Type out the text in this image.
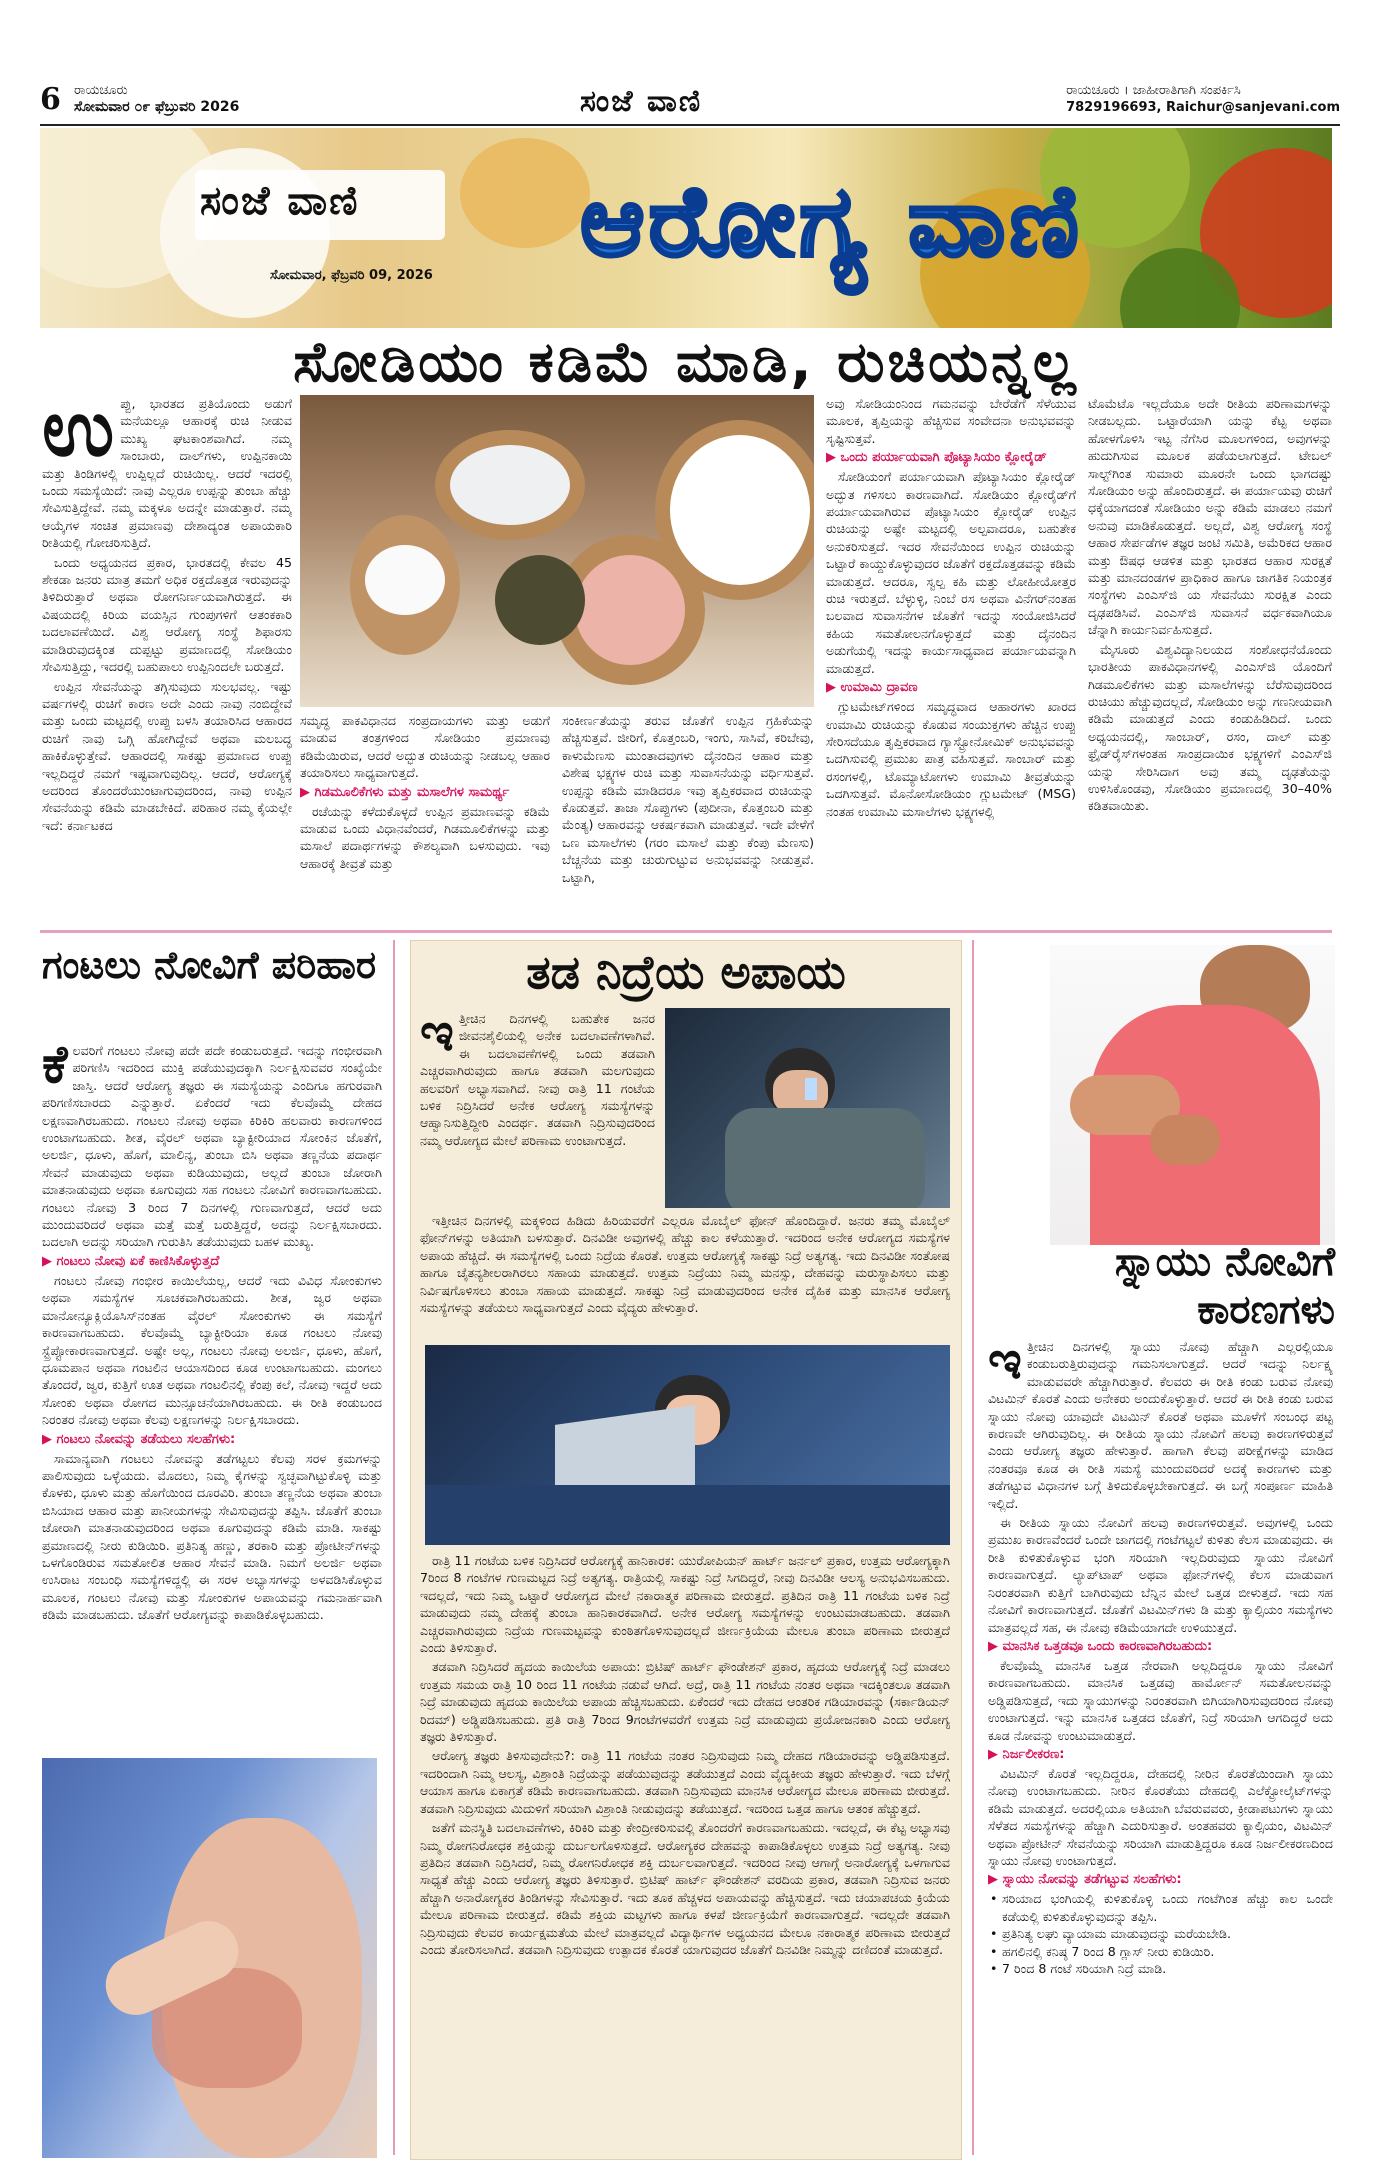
6 ರಾಯಚೂರು
ಸೋಮವಾರ ೦೯ ಫೆಬ್ರುವರಿ 2026	ಸಂಜೆ ವಾಣಿ	ರಾಯಚೂರು । ಜಾಹೀರಾತಿಗಾಗಿ ಸಂಪರ್ಕಿಸಿ
7829196693, Raichur@sanjevani.com
ಸಂಜೆ ವಾಣಿ
ಸೋಮವಾರ, ಫೆಬ್ರವರಿ 09, 2026 ಆರೋಗ್ಯ ವಾಣಿ
ಸೋಡಿಯಂ ಕಡಿಮೆ ಮಾಡಿ, ರುಚಿಯನ್ನಲ್ಲ
ಉ ಪ್ಪು, ಭಾರತದ ಪ್ರತಿಯೊಂದು ಅಡುಗೆ ಮನೆಯಲ್ಲೂ ಆಹಾರಕ್ಕೆ ರುಚಿ ನೀಡುವ ಮುಖ್ಯ ಘಟಕಾಂಶವಾಗಿದೆ. ನಮ್ಮ ಸಾಂಬಾರು, ದಾಲ್‌ಗಳು, ಉಪ್ಪಿನಕಾಯಿ ಮತ್ತು ತಿಂಡಿಗಳಲ್ಲಿ ಉಪ್ಪಿಲ್ಲದೆ ರುಚಿಯಿಲ್ಲ. ಆದರೆ ಇದರಲ್ಲಿ ಒಂದು ಸಮಸ್ಯೆಯಿದೆ: ನಾವು ಎಲ್ಲರೂ ಉಪ್ಪನ್ನು ತುಂಬಾ ಹೆಚ್ಚು ಸೇವಿಸುತ್ತಿದ್ದೇವೆ. ನಮ್ಮ ಮಕ್ಕಳೂ ಅದನ್ನೇ ಮಾಡುತ್ತಾರೆ. ನಮ್ಮ ಆಯ್ಕೆಗಳ ಸಂಚಿತ ಪ್ರಮಾಣವು ದೇಶಾದ್ಯಂತ ಅಪಾಯಕಾರಿ ರೀತಿಯಲ್ಲಿ ಗೋಚರಿಸುತ್ತಿದೆ.

ಒಂದು ಅಧ್ಯಯನದ ಪ್ರಕಾರ, ಭಾರತದಲ್ಲಿ ಕೇವಲ 45 ಶೇಕಡಾ ಜನರು ಮಾತ್ರ ತಮಗೆ ಅಧಿಕ ರಕ್ತದೊತ್ತಡ ಇರುವುದನ್ನು ತಿಳಿದಿರುತ್ತಾರೆ ಅಥವಾ ರೋಗನಿರ್ಣಯವಾಗಿರುತ್ತದೆ. ಈ ವಿಷಯದಲ್ಲಿ ಕಿರಿಯ ವಯಸ್ಸಿನ ಗುಂಪುಗಳಿಗೆ ಆತಂಕಕಾರಿ ಬದಲಾವಣೆಯಿದೆ. ವಿಶ್ವ ಆರೋಗ್ಯ ಸಂಸ್ಥೆ ಶಿಫಾರಸು ಮಾಡಿರುವುದಕ್ಕಿಂತ ದುಪ್ಪಟ್ಟು ಪ್ರಮಾಣದಲ್ಲಿ ಸೋಡಿಯಂ ಸೇವಿಸುತ್ತಿದ್ದು, ಇದರಲ್ಲಿ ಬಹುಪಾಲು ಉಪ್ಪಿನಿಂದಲೇ ಬರುತ್ತದೆ.

ಉಪ್ಪಿನ ಸೇವನೆಯನ್ನು ತಗ್ಗಿಸುವುದು ಸುಲಭವಲ್ಲ. ಇಷ್ಟು ವರ್ಷಗಳಲ್ಲಿ ರುಚಿಗೆ ಕಾರಣ ಅದೇ ಎಂದು ನಾವು ನಂಬಿದ್ದೇವೆ ಮತ್ತು ಒಂದು ಮಟ್ಟದಲ್ಲಿ ಉಪ್ಪು ಬಳಸಿ ತಯಾರಿಸಿದ ಆಹಾರದ ರುಚಿಗೆ ನಾವು ಒಗ್ಗಿ ಹೋಗಿದ್ದೇವೆ ಅಥವಾ ಮಲಬದ್ಧ ಹಾಕಿಕೊಳ್ಳುತ್ತೇವೆ. ಆಹಾರದಲ್ಲಿ ಸಾಕಷ್ಟು ಪ್ರಮಾಣದ ಉಪ್ಪು ಇಲ್ಲದಿದ್ದರೆ ನಮಗೆ ಇಷ್ಟವಾಗುವುದಿಲ್ಲ. ಆದರೆ, ಆರೋಗ್ಯಕ್ಕೆ ಅದರಿಂದ ತೊಂದರೆಯುಂಟಾಗುವುದರಿಂದ, ನಾವು ಉಪ್ಪಿನ ಸೇವನೆಯನ್ನು ಕಡಿಮೆ ಮಾಡಬೇಕಿದೆ. ಪರಿಹಾರ ನಮ್ಮ ಕೈಯಲ್ಲೇ ಇದೆ: ಕರ್ನಾಟಕದ

ಸಮೃದ್ಧ ಪಾಕವಿಧಾನದ ಸಂಪ್ರದಾಯಗಳು ಮತ್ತು ಅಡುಗೆ ಮಾಡುವ ತಂತ್ರಗಳಿಂದ ಸೋಡಿಯಂ ಪ್ರಮಾಣವು ಕಡಿಮೆಯಿರುವ, ಆದರೆ ಅದ್ಭುತ ರುಚಿಯನ್ನು ನೀಡಬಲ್ಲ ಆಹಾರ ತಯಾರಿಸಲು ಸಾಧ್ಯವಾಗುತ್ತದೆ.

▶ ಗಿಡಮೂಲಿಕೆಗಳು ಮತ್ತು ಮಸಾಲೆಗಳ ಸಾಮರ್ಥ್ಯ

ರಚೆಯನ್ನು ಕಳೆದುಕೊಳ್ಳದೆ ಉಪ್ಪಿನ ಪ್ರಮಾಣವನ್ನು ಕಡಿಮೆ ಮಾಡುವ ಒಂದು ವಿಧಾನವೆಂದರೆ, ಗಿಡಮೂಲಿಕೆಗಳನ್ನು ಮತ್ತು ಮಸಾಲೆ ಪದಾರ್ಥಗಳನ್ನು ಕೌಶಲ್ಯವಾಗಿ ಬಳಸುವುದು. ಇವು ಆಹಾರಕ್ಕೆ ತೀವ್ರತೆ ಮತ್ತು

ಸಂಕೀರ್ಣತೆಯನ್ನು ತರುವ ಜೊತೆಗೆ ಉಪ್ಪಿನ ಗ್ರಹಿಕೆಯನ್ನು ಹೆಚ್ಚಿಸುತ್ತವೆ. ಜೀರಿಗೆ, ಕೊತ್ತಂಬರಿ, ಇಂಗು, ಸಾಸಿವೆ, ಕರಿಬೇವು, ಕಾಳುಮೆಣಸು ಮುಂತಾದವುಗಳು ದೈನಂದಿನ ಆಹಾರ ಮತ್ತು ವಿಶೇಷ ಭಕ್ಷ್ಯಗಳ ರುಚಿ ಮತ್ತು ಸುವಾಸನೆಯನ್ನು ವರ್ಧಿಸುತ್ತವೆ. ಉಪ್ಪನ್ನು ಕಡಿಮೆ ಮಾಡಿದರೂ ಇವು ತೃಪ್ತಿಕರವಾದ ರುಚಿಯನ್ನು ಕೊಡುತ್ತವೆ. ತಾಜಾ ಸೊಪ್ಪುಗಳು (ಪುದೀನಾ, ಕೊತ್ತಂಬರಿ ಮತ್ತು ಮೆಂತ್ಯ) ಆಹಾರವನ್ನು ಆಕರ್ಷಕವಾಗಿ ಮಾಡುತ್ತವೆ. ಇದೇ ವೇಳೆಗೆ ಒಣ ಮಸಾಲೆಗಳು (ಗರಂ ಮಸಾಲೆ ಮತ್ತು ಕೆಂಪು ಮೆಣಸು) ಬೆಚ್ಚನೆಯ ಮತ್ತು ಚುರುಗುಟ್ಟುವ ಅನುಭವವನ್ನು ನೀಡುತ್ತವೆ. ಒಟ್ಟಾಗಿ,

ಅವು ಸೋಡಿಯಂನಿಂದ ಗಮನವನ್ನು ಬೇರೆಡೆಗೆ ಸೆಳೆಯುವ ಮೂಲಕ, ತೃಪ್ತಿಯನ್ನು ಹೆಚ್ಚಿಸುವ ಸಂವೇದನಾ ಅನುಭವವನ್ನು ಸೃಷ್ಟಿಸುತ್ತವೆ.

▶ ಒಂದು ಪರ್ಯಾಯವಾಗಿ ಪೊಟ್ಯಾಸಿಯಂ ಕ್ಲೋರೈಡ್

ಸೋಡಿಯಂಗೆ ಪರ್ಯಾಯವಾಗಿ ಪೊಟ್ಯಾಸಿಯಂ ಕ್ಲೋರೈಡ್ ಅದ್ಭುತ ಗಳಿಸಲು ಕಾರಣವಾಗಿದೆ. ಸೋಡಿಯಂ ಕ್ಲೋರೈಡ್‌ಗೆ ಪರ್ಯಾಯವಾಗಿರುವ ಪೊಟ್ಯಾಸಿಯಂ ಕ್ಲೋರೈಡ್ ಉಪ್ಪಿನ ರುಚಿಯನ್ನು ಅಷ್ಟೇ ಮಟ್ಟದಲ್ಲಿ ಅಲ್ಪವಾದರೂ, ಬಹುತೇಕ ಅನುಕರಿಸುತ್ತದೆ. ಇದರ ಸೇವನೆಯಿಂದ ಉಪ್ಪಿನ ರುಚಿಯನ್ನು ಒಟ್ಟಾರೆ ಕಾಯ್ದುಕೊಳ್ಳುವುದರ ಜೊತೆಗೆ ರಕ್ತದೊತ್ತಡವನ್ನು ಕಡಿಮೆ ಮಾಡುತ್ತದೆ. ಆದರೂ, ಸ್ವಲ್ಪ ಕಹಿ ಮತ್ತು ಲೋಹೀಯೋತ್ತರ ರುಚಿ ಇರುತ್ತದೆ. ಬೆಳ್ಳುಳ್ಳಿ, ನಿಂಬೆ ರಸ ಅಥವಾ ವಿನೆಗರ್‌ನಂತಹ ಬಲವಾದ ಸುವಾಸನೆಗಳ ಜೊತೆಗೆ ಇದನ್ನು ಸಂಯೋಜಿಸಿದರೆ ಕಹಿಯ ಸಮತೋಲನಗೊಳ್ಳುತ್ತದೆ ಮತ್ತು ದೈನಂದಿನ ಅಡುಗೆಯಲ್ಲಿ ಇದನ್ನು ಕಾರ್ಯಸಾಧ್ಯವಾದ ಪರ್ಯಾಯವನ್ನಾಗಿ ಮಾಡುತ್ತದೆ.

▶ ಉಮಾಮಿ ದ್ರಾವಣ

ಗ್ಲುಟಮೇಟ್‌ಗಳಿಂದ ಸಮೃದ್ಧವಾದ ಆಹಾರಗಳು ಖಾರದ ಉಮಾಮಿ ರುಚಿಯನ್ನು ಕೊಡುವ ಸಂಯುಕ್ತಗಳು ಹೆಚ್ಚಿನ ಉಪ್ಪು ಸೇರಿಸದೆಯೂ ತೃಪ್ತಿಕರವಾದ ಗ್ಯಾಸ್ಟ್ರೋನೋಮಿಕ್ ಅನುಭವವನ್ನು ಒದಗಿಸುವಲ್ಲಿ ಪ್ರಮುಖ ಪಾತ್ರ ವಹಿಸುತ್ತವೆ. ಸಾಂಬಾರ್ ಮತ್ತು ರಸಂಗಳಲ್ಲಿ, ಟೊಮ್ಯಾಟೋಗಳು ಉಮಾಮಿ ತೀವ್ರತೆಯನ್ನು ಒದಗಿಸುತ್ತವೆ. ಮೊನೋಸೋಡಿಯಂ ಗ್ಲುಟಮೇಟ್ (MSG) ನಂತಹ ಉಮಾಮಿ ಮಸಾಲೆಗಳು ಭಕ್ಷ್ಯಗಳಲ್ಲಿ

ಟೊಮೆಟೊ ಇಲ್ಲದೆಯೂ ಅದೇ ರೀತಿಯ ಪರಿಣಾಮಗಳನ್ನು ನೀಡಬಲ್ಲದು. ಒಟ್ಟಾರೆಯಾಗಿ ಯನ್ನು ಕೆಟ್ಟ ಅಥವಾ ಹೋಳಗೊಳಿಸಿ ಇಟ್ಟ ನೆಗೆಸಿರ ಮೂಲಗಳಿಂದ, ಅವುಗಳನ್ನು ಹುದುಗಿಸುವ ಮೂಲಕ ಪಡೆಯಲಾಗುತ್ತದೆ. ಟೇಬಲ್ ಸಾಲ್ಟ್‌ಗಿಂತ ಸುಮಾರು ಮೂರನೇ ಒಂದು ಭಾಗದಷ್ಟು ಸೋಡಿಯಂ ಅನ್ನು ಹೊಂದಿರುತ್ತದೆ. ಈ ಪರ್ಯಾಯವು ರುಚಿಗೆ ಧಕ್ಕೆಯಾಗದಂತೆ ಸೋಡಿಯಂ ಅನ್ನು ಕಡಿಮೆ ಮಾಡಲು ನಮಗೆ ಅನುವು ಮಾಡಿಕೊಡುತ್ತದೆ. ಅಲ್ಲದೆ, ವಿಶ್ವ ಆರೋಗ್ಯ ಸಂಸ್ಥೆ ಆಹಾರ ಸೇರ್ಪಡೆಗಳ ತಜ್ಞರ ಜಂಟಿ ಸಮಿತಿ, ಅಮೆರಿಕದ ಆಹಾರ ಮತ್ತು ಔಷಧ ಆಡಳಿತ ಮತ್ತು ಭಾರತದ ಆಹಾರ ಸುರಕ್ಷತೆ ಮತ್ತು ಮಾನದಂಡಗಳ ಪ್ರಾಧಿಕಾರ ಹಾಗೂ ಜಾಗತಿಕ ನಿಯಂತ್ರಕ ಸಂಸ್ಥೆಗಳು ಎಂಎಸ್‌ಜಿ ಯ ಸೇವನೆಯು ಸುರಕ್ಷಿತ ಎಂದು ದೃಢಪಡಿಸಿವೆ. ಎಂಎಸ್‌ಜಿ ಸುವಾಸನೆ ವರ್ಧಕವಾಗಿಯೂ ಚೆನ್ನಾಗಿ ಕಾರ್ಯನಿರ್ವಹಿಸುತ್ತದೆ.

ಮೈಸೂರು ವಿಶ್ವವಿದ್ಯಾನಿಲಯದ ಸಂಶೋಧನೆಯೊಂದು ಭಾರತೀಯ ಪಾಕವಿಧಾನಗಳಲ್ಲಿ ಎಂಎಸ್‌ಜಿ ಯೊಂದಿಗೆ ಗಿಡಮೂಲಿಕೆಗಳು ಮತ್ತು ಮಸಾಲೆಗಳನ್ನು ಬೆರೆಸುವುದರಿಂದ ರುಚಿಯು ಹೆಚ್ಚುವುದಲ್ಲದೆ, ಸೋಡಿಯಂ ಅನ್ನು ಗಣನೀಯವಾಗಿ ಕಡಿಮೆ ಮಾಡುತ್ತದೆ ಎಂದು ಕಂಡುಹಿಡಿದಿದೆ. ಒಂದು ಅಧ್ಯಯನದಲ್ಲಿ, ಸಾಂಬಾರ್, ರಸಂ, ದಾಲ್ ಮತ್ತು ಫ್ರೈಡ್‌ರೈಸ್‌ಗಳಂತಹ ಸಾಂಪ್ರದಾಯಿಕ ಭಕ್ಷ್ಯಗಳಿಗೆ ಎಂಎಸ್‌ಜಿ ಯನ್ನು ಸೇರಿಸಿದಾಗ ಅವು ತಮ್ಮ ದೃಢತೆಯನ್ನು ಉಳಿಸಿಕೊಂಡವು, ಸೋಡಿಯಂ ಪ್ರಮಾಣದಲ್ಲಿ 30–40% ಕಡಿತವಾಯಿತು.

ಗಂಟಲು ನೋವಿಗೆ ಪರಿಹಾರ
ಕೆ ಲವರಿಗೆ ಗಂಟಲು ನೋವು ಪದೇ ಪದೇ ಕಂಡುಬರುತ್ತದೆ. ಇದನ್ನು ಗಂಭೀರವಾಗಿ ಪರಿಗಣಿಸಿ ಇದರಿಂದ ಮುಕ್ತಿ ಪಡೆಯುವುದಕ್ಕಾಗಿ ನಿರ್ಲಕ್ಷಿಸುವವರ ಸಂಖ್ಯೆಯೇ ಜಾಸ್ತಿ. ಆದರೆ ಆರೋಗ್ಯ ತಜ್ಞರು ಈ ಸಮಸ್ಯೆಯನ್ನು ಎಂದಿಗೂ ಹಗುರವಾಗಿ ಪರಿಗಣಿಸಬಾರದು ಎನ್ನುತ್ತಾರೆ. ಏಕೆಂದರೆ ಇದು ಕೆಲವೊಮ್ಮೆ ದೇಹದ ಲಕ್ಷಣವಾಗಿರಬಹುದು. ಗಂಟಲು ನೋವು ಅಥವಾ ಕಿರಿಕಿರಿ ಹಲವಾರು ಕಾರಣಗಳಿಂದ ಉಂಟಾಗಬಹುದು. ಶೀತ, ವೈರಲ್ ಅಥವಾ ಬ್ಯಾಕ್ಟೀರಿಯಾದ ಸೋಂಕಿನ ಜೊತೆಗೆ, ಅಲರ್ಜಿ, ಧೂಳು, ಹೊಗೆ, ಮಾಲಿನ್ಯ, ತುಂಬಾ ಬಿಸಿ ಅಥವಾ ತಣ್ಣನೆಯ ಪದಾರ್ಥ ಸೇವನೆ ಮಾಡುವುದು ಅಥವಾ ಕುಡಿಯುವುದು, ಅಲ್ಲದೆ ತುಂಬಾ ಜೋರಾಗಿ ಮಾತನಾಡುವುದು ಅಥವಾ ಕೂಗುವುದು ಸಹ ಗಂಟಲು ನೋವಿಗೆ ಕಾರಣವಾಗಬಹುದು. ಗಂಟಲು ನೋವು 3 ರಿಂದ 7 ದಿನಗಳಲ್ಲಿ ಗುಣವಾಗುತ್ತದೆ, ಆದರೆ ಅದು ಮುಂದುವರಿದರೆ ಅಥವಾ ಮತ್ತೆ ಮತ್ತೆ ಬರುತ್ತಿದ್ದರೆ, ಅದನ್ನು ನಿರ್ಲಕ್ಷಿಸಬಾರದು. ಬದಲಾಗಿ ಅದನ್ನು ಸರಿಯಾಗಿ ಗುರುತಿಸಿ ತಡೆಯುವುದು ಬಹಳ ಮುಖ್ಯ.

▶ ಗಂಟಲು ನೋವು ಏಕೆ ಕಾಣಿಸಿಕೊಳ್ಳುತ್ತದೆ

ಗಂಟಲು ನೋವು ಗಂಭೀರ ಕಾಯಿಲೆಯಲ್ಲ, ಆದರೆ ಇದು ವಿವಿಧ ಸೋಂಕುಗಳು ಅಥವಾ ಸಮಸ್ಯೆಗಳ ಸೂಚಕವಾಗಿರಬಹುದು. ಶೀತ, ಜ್ವರ ಅಥವಾ ಮಾನೋನ್ಯೂಕ್ಲಿಯೊಸಿಸ್‌ನಂತಹ ವೈರಲ್ ಸೋಂಕುಗಳು ಈ ಸಮಸ್ಯೆಗೆ ಕಾರಣವಾಗಬಹುದು. ಕೆಲವೊಮ್ಮೆ ಬ್ಯಾಕ್ಟೀರಿಯಾ ಕೂಡ ಗಂಟಲು ನೋವು ಸ್ಟ್ರೆಪ್ಟೋಕಾರಣವಾಗುತ್ತದೆ. ಅಷ್ಟೇ ಅಲ್ಲ, ಗಂಟಲು ನೋವು ಅಲರ್ಜಿ, ಧೂಳು, ಹೊಗೆ, ಧೂಮಪಾನ ಅಥವಾ ಗಂಟಲಿನ ಆಯಾಸದಿಂದ ಕೂಡ ಉಂಟಾಗಬಹುದು. ಮಂಗಲು ತೊಂದರೆ, ಜ್ವರ, ಕುತ್ತಿಗೆ ಊತ ಅಥವಾ ಗಂಟಲಿನಲ್ಲಿ ಕೆಂಪು ಕಲೆ, ನೋವು ಇದ್ದರೆ ಅದು ಸೋಂಕು ಅಥವಾ ರೋಗದ ಮುನ್ಸೂಚನೆಯಾಗಿರಬಹುದು. ಈ ರೀತಿ ಕಂಡುಬಂದ ನಿರಂತರ ನೋವು ಅಥವಾ ಕೆಲವು ಲಕ್ಷಣಗಳನ್ನು ನಿರ್ಲಕ್ಷಿಸಬಾರದು.

▶ ಗಂಟಲು ನೋವನ್ನು ತಡೆಯಲು ಸಲಹೆಗಳು:

ಸಾಮಾನ್ಯವಾಗಿ ಗಂಟಲು ನೋವನ್ನು ತಡೆಗಟ್ಟಲು ಕೆಲವು ಸರಳ ಕ್ರಮಗಳನ್ನು ಪಾಲಿಸುವುದು ಒಳ್ಳೆಯದು. ಮೊದಲು, ನಿಮ್ಮ ಕೈಗಳನ್ನು ಸ್ವಚ್ಛವಾಗಿಟ್ಟುಕೊಳ್ಳಿ ಮತ್ತು ಕೊಳಕು, ಧೂಳು ಮತ್ತು ಹೊಗೆಯಿಂದ ದೂರವಿರಿ. ತುಂಬಾ ತಣ್ಣನೆಯ ಅಥವಾ ತುಂಬಾ ಬಿಸಿಯಾದ ಆಹಾರ ಮತ್ತು ಪಾನೀಯಗಳನ್ನು ಸೇವಿಸುವುದನ್ನು ತಪ್ಪಿಸಿ. ಜೊತೆಗೆ ತುಂಬಾ ಜೋರಾಗಿ ಮಾತನಾಡುವುದರಿಂದ ಅಥವಾ ಕೂಗುವುದನ್ನು ಕಡಿಮೆ ಮಾಡಿ. ಸಾಕಷ್ಟು ಪ್ರಮಾಣದಲ್ಲಿ ನೀರು ಕುಡಿಯಿರಿ. ಪ್ರತಿನಿತ್ಯ ಹಣ್ಣು, ತರಕಾರಿ ಮತ್ತು ಪ್ರೋಟೀನ್‌ಗಳನ್ನು ಒಳಗೊಂಡಿರುವ ಸಮತೋಲಿತ ಆಹಾರ ಸೇವನೆ ಮಾಡಿ. ನಿಮಗೆ ಅಲರ್ಜಿ ಅಥವಾ ಉಸಿರಾಟ ಸಂಬಂಧಿ ಸಮಸ್ಯೆಗಳಿದ್ದಲ್ಲಿ ಈ ಸರಳ ಅಭ್ಯಾಸಗಳನ್ನು ಅಳವಡಿಸಿಕೊಳ್ಳುವ ಮೂಲಕ, ಗಂಟಲು ನೋವು ಮತ್ತು ಸೋಂಕುಗಳ ಅಪಾಯವನ್ನು ಗಮನಾರ್ಹವಾಗಿ ಕಡಿಮೆ ಮಾಡಬಹುದು. ಜೊತೆಗೆ ಆರೋಗ್ಯವನ್ನು ಕಾಪಾಡಿಕೊಳ್ಳಬಹುದು.

ತಡ ನಿದ್ರೆಯ ಅಪಾಯ
ಇ ತ್ತೀಚಿನ ದಿನಗಳಲ್ಲಿ ಬಹುತೇಕ ಜನರ ಜೀವನಶೈಲಿಯಲ್ಲಿ ಅನೇಕ ಬದಲಾವಣೆಗಳಾಗಿವೆ. ಈ ಬದಲಾವಣೆಗಳಲ್ಲಿ ಒಂದು ತಡವಾಗಿ ಎಚ್ಚರವಾಗಿರುವುದು ಹಾಗೂ ತಡವಾಗಿ ಮಲಗುವುದು ಹಲವರಿಗೆ ಅಭ್ಯಾಸವಾಗಿದೆ. ನೀವು ರಾತ್ರಿ 11 ಗಂಟೆಯ ಬಳಿಕ ನಿದ್ರಿಸಿದರೆ ಅನೇಕ ಆರೋಗ್ಯ ಸಮಸ್ಯೆಗಳನ್ನು ಆಹ್ವಾನಿಸುತ್ತಿದ್ದೀರಿ ಎಂದರ್ಥ. ತಡವಾಗಿ ನಿದ್ರಿಸುವುದರಿಂದ ನಮ್ಮ ಆರೋಗ್ಯದ ಮೇಲೆ ಪರಿಣಾಮ ಉಂಟಾಗುತ್ತದೆ.

ಇತ್ತೀಚಿನ ದಿನಗಳಲ್ಲಿ ಮಕ್ಕಳಿಂದ ಹಿಡಿದು ಹಿರಿಯವರೆಗೆ ಎಲ್ಲರೂ ಮೊಬೈಲ್ ಫೋನ್ ಹೊಂದಿದ್ದಾರೆ. ಜನರು ತಮ್ಮ ಮೊಬೈಲ್ ಫೋನ್‌ಗಳನ್ನು ಅತಿಯಾಗಿ ಬಳಸುತ್ತಾರೆ. ದಿನವಿಡೀ ಅವುಗಳಲ್ಲಿ ಹೆಚ್ಚು ಕಾಲ ಕಳೆಯುತ್ತಾರೆ. ಇದರಿಂದ ಅನೇಕ ಆರೋಗ್ಯದ ಸಮಸ್ಯೆಗಳ ಅಪಾಯ ಹೆಚ್ಚಿದೆ. ಈ ಸಮಸ್ಯೆಗಳಲ್ಲಿ ಒಂದು ನಿದ್ರೆಯ ಕೊರತೆ. ಉತ್ತಮ ಆರೋಗ್ಯಕ್ಕೆ ಸಾಕಷ್ಟು ನಿದ್ರೆ ಅತ್ಯಗತ್ಯ. ಇದು ದಿನವಿಡೀ ಸಂತೋಷ ಹಾಗೂ ಚೈತನ್ಯಶೀಲರಾಗಿರಲು ಸಹಾಯ ಮಾಡುತ್ತದೆ. ಉತ್ತಮ ನಿದ್ರೆಯು ನಿಮ್ಮ ಮನಸ್ಸು, ದೇಹವನ್ನು ಮರುಸ್ಥಾಪಿಸಲು ಮತ್ತು ನಿರ್ವಿಷಗೊಳಿಸಲು ತುಂಬಾ ಸಹಾಯ ಮಾಡುತ್ತದೆ. ಸಾಕಷ್ಟು ನಿದ್ರೆ ಮಾಡುವುದರಿಂದ ಅನೇಕ ದೈಹಿಕ ಮತ್ತು ಮಾನಸಿಕ ಆರೋಗ್ಯ ಸಮಸ್ಯೆಗಳನ್ನು ತಡೆಯಲು ಸಾಧ್ಯವಾಗುತ್ತದೆ ಎಂದು ವೈದ್ಯರು ಹೇಳುತ್ತಾರೆ.

ರಾತ್ರಿ 11 ಗಂಟೆಯ ಬಳಿಕ ನಿದ್ರಿಸಿದರೆ ಆರೋಗ್ಯಕ್ಕೆ ಹಾನಿಕಾರಕ: ಯುರೋಪಿಯನ್ ಹಾರ್ಟ್ ಜರ್ನಲ್ ಪ್ರಕಾರ, ಉತ್ತಮ ಆರೋಗ್ಯಕ್ಕಾಗಿ 7ರಿಂದ 8 ಗಂಟೆಗಳ ಗುಣಮಟ್ಟದ ನಿದ್ರೆ ಅತ್ಯಗತ್ಯ. ರಾತ್ರಿಯಲ್ಲಿ ಸಾಕಷ್ಟು ನಿದ್ರೆ ಸಿಗದಿದ್ದರೆ, ನೀವು ದಿನವಿಡೀ ಆಲಸ್ಯ ಅನುಭವಿಸಬಹುದು. ಇದಲ್ಲದೆ, ಇದು ನಿಮ್ಮ ಒಟ್ಟಾರೆ ಆರೋಗ್ಯದ ಮೇಲೆ ನಕಾರಾತ್ಮಕ ಪರಿಣಾಮ ಬೀರುತ್ತದೆ. ಪ್ರತಿದಿನ ರಾತ್ರಿ 11 ಗಂಟೆಯ ಬಳಿಕ ನಿದ್ರೆ ಮಾಡುವುದು ನಮ್ಮ ದೇಹಕ್ಕೆ ತುಂಬಾ ಹಾನಿಕಾರಕವಾಗಿದೆ. ಅನೇಕ ಆರೋಗ್ಯ ಸಮಸ್ಯೆಗಳನ್ನು ಉಂಟುಮಾಡಬಹುದು. ತಡವಾಗಿ ಎಚ್ಚರವಾಗಿರುವುದು ನಿದ್ರೆಯ ಗುಣಮಟ್ಟವನ್ನು ಕುಂಠಿತಗೊಳಿಸುವುದಲ್ಲದೆ ಜೀರ್ಣಕ್ರಿಯೆಯ ಮೇಲೂ ತುಂಬಾ ಪರಿಣಾಮ ಬೀರುತ್ತದೆ ಎಂದು ತಿಳಿಸುತ್ತಾರೆ.

ತಡವಾಗಿ ನಿದ್ರಿಸಿದರೆ ಹೃದಯ ಕಾಯಿಲೆಯ ಅಪಾಯ: ಬ್ರಿಟಿಷ್ ಹಾರ್ಟ್ ಫೌಂಡೇಶನ್ ಪ್ರಕಾರ, ಹೃದಯ ಆರೋಗ್ಯಕ್ಕೆ ನಿದ್ರೆ ಮಾಡಲು ಉತ್ತಮ ಸಮಯ ರಾತ್ರಿ 10 ರಿಂದ 11 ಗಂಟೆಯ ನಡುವೆ ಆಗಿದೆ. ಅದ್ರೆ, ರಾತ್ರಿ 11 ಗಂಟೆಯ ನಂತರ ಅಥವಾ ಇದಕ್ಕಿಂತಲೂ ತಡವಾಗಿ ನಿದ್ರೆ ಮಾಡುವುದು ಹೃದಯ ಕಾಯಿಲೆಯ ಅಪಾಯ ಹೆಚ್ಚಿಸಬಹುದು. ಏಕೆಂದರೆ ಇದು ದೇಹದ ಆಂತರಿಕ ಗಡಿಯಾರವನ್ನು (ಸರ್ಕಾಡಿಯನ್ ರಿದಮ್) ಅಡ್ಡಿಪಡಿಸಬಹುದು. ಪ್ರತಿ ರಾತ್ರಿ 7ರಿಂದ 9ಗಂಟೆಗಳವರೆಗೆ ಉತ್ತಮ ನಿದ್ರೆ ಮಾಡುವುದು ಪ್ರಯೋಜನಕಾರಿ ಎಂದು ಆರೋಗ್ಯ ತಜ್ಞರು ತಿಳಿಸುತ್ತಾರೆ.

ಆರೋಗ್ಯ ತಜ್ಞರು ತಿಳಿಸುವುದೇನು?: ರಾತ್ರಿ 11 ಗಂಟೆಯ ನಂತರ ನಿದ್ರಿಸುವುದು ನಿಮ್ಮ ದೇಹದ ಗಡಿಯಾರವನ್ನು ಅಡ್ಡಿಪಡಿಸುತ್ತದೆ. ಇದರಿಂದಾಗಿ ನಿಮ್ಮ ಆಲಸ್ಯ, ವಿಶ್ರಾಂತಿ ನಿದ್ರೆಯನ್ನು ಪಡೆಯುವುದನ್ನು ತಡೆಯುತ್ತದೆ ಎಂದು ವೈದ್ಯಕೀಯ ತಜ್ಞರು ಹೇಳುತ್ತಾರೆ. ಇದು ಬೆಳಗ್ಗೆ ಆಯಾಸ ಹಾಗೂ ಏಕಾಗ್ರತೆ ಕಡಿಮೆ ಕಾರಣವಾಗಬಹುದು. ತಡವಾಗಿ ನಿದ್ರಿಸುವುದು ಮಾನಸಿಕ ಆರೋಗ್ಯದ ಮೇಲೂ ಪರಿಣಾಮ ಬೀರುತ್ತದೆ. ತಡವಾಗಿ ನಿದ್ರಿಸುವುದು ಮಿದುಳಿಗೆ ಸರಿಯಾಗಿ ವಿಶ್ರಾಂತಿ ನೀಡುವುದನ್ನು ತಡೆಯುತ್ತದೆ. ಇದರಿಂದ ಒತ್ತಡ ಹಾಗೂ ಆತಂಕ ಹೆಚ್ಚುತ್ತದೆ.

ಜತೆಗೆ ಮನಸ್ಥಿತಿ ಬದಲಾವಣೆಗಳು, ಕಿರಿಕಿರಿ ಮತ್ತು ಕೇಂದ್ರೀಕರಿಸುವಲ್ಲಿ ತೊಂದರೆಗೆ ಕಾರಣವಾಗಬಹುದು. ಇದಲ್ಲದೆ, ಈ ಕೆಟ್ಟ ಅಭ್ಯಾಸವು ನಿಮ್ಮ ರೋಗನಿರೋಧಕ ಶಕ್ತಿಯನ್ನು ದುರ್ಬಲಗೊಳಿಸುತ್ತದೆ. ಆರೋಗ್ಯಕರ ದೇಹವನ್ನು ಕಾಪಾಡಿಕೊಳ್ಳಲು ಉತ್ತಮ ನಿದ್ರೆ ಅತ್ಯಗತ್ಯ. ನೀವು ಪ್ರತಿದಿನ ತಡವಾಗಿ ನಿದ್ರಿಸಿದರೆ, ನಿಮ್ಮ ರೋಗನಿರೋಧಕ ಶಕ್ತಿ ದುರ್ಬಲವಾಗುತ್ತದೆ. ಇದರಿಂದ ನೀವು ಆಗಾಗ್ಗೆ ಅನಾರೋಗ್ಯಕ್ಕೆ ಒಳಗಾಗುವ ಸಾಧ್ಯತೆ ಹೆಚ್ಚು ಎಂದು ಆರೋಗ್ಯ ತಜ್ಞರು ತಿಳಿಸುತ್ತಾರೆ. ಬ್ರಿಟಿಷ್ ಹಾರ್ಟ್ ಫೌಂಡೇಶನ್ ವರದಿಯ ಪ್ರಕಾರ, ತಡವಾಗಿ ನಿದ್ರಿಸುವ ಜನರು ಹೆಚ್ಚಾಗಿ ಅನಾರೋಗ್ಯಕರ ತಿಂಡಿಗಳನ್ನು ಸೇವಿಸುತ್ತಾರೆ. ಇದು ತೂಕ ಹೆಚ್ಚಳದ ಅಪಾಯವನ್ನು ಹೆಚ್ಚಿಸುತ್ತದೆ. ಇದು ಚಯಾಪಚಯ ಕ್ರಿಯೆಯ ಮೇಲೂ ಪರಿಣಾಮ ಬೀರುತ್ತದೆ. ಕಡಿಮೆ ಶಕ್ತಿಯ ಮಟ್ಟಗಳು ಹಾಗೂ ಕಳಪೆ ಜೀರ್ಣಕ್ರಿಯೆಗೆ ಕಾರಣವಾಗುತ್ತದೆ. ಇದಲ್ಲದೇ ತಡವಾಗಿ ನಿದ್ರಿಸುವುದು ಕೆಲವರ ಕಾರ್ಯಕ್ಷಮತೆಯ ಮೇಲೆ ಮಾತ್ರವಲ್ಲದೆ ವಿದ್ಯಾರ್ಥಿಗಳ ಅಧ್ಯಯನದ ಮೇಲೂ ನಕಾರಾತ್ಮಕ ಪರಿಣಾಮ ಬೀರುತ್ತದೆ ಎಂದು ತೋರಿಸಲಾಗಿದೆ. ತಡವಾಗಿ ನಿದ್ರಿಸುವುದು ಉತ್ಪಾದಕ ಕೊರತೆ ಯಾಗುವುದರ ಜೊತೆಗೆ ದಿನವಿಡೀ ನಿಮ್ಮನ್ನು ದಣಿದಂತೆ ಮಾಡುತ್ತದೆ.

ಸ್ನಾಯು ನೋವಿಗೆ
ಕಾರಣಗಳು
ಇ ತ್ತೀಚಿನ ದಿನಗಳಲ್ಲಿ ಸ್ನಾಯು ನೋವು ಹೆಚ್ಚಾಗಿ ಎಲ್ಲರಲ್ಲಿಯೂ ಕಂಡುಬರುತ್ತಿರುವುದನ್ನು ಗಮನಿಸಲಾಗುತ್ತದೆ. ಆದರೆ ಇದನ್ನು ನಿರ್ಲಕ್ಷ್ಯ ಮಾಡುವವರೇ ಹೆಚ್ಚಾಗಿರುತ್ತಾರೆ. ಕೆಲವರು ಈ ರೀತಿ ಕಂಡು ಬರುವ ನೋವು ವಿಟಮಿನ್ ಕೊರತೆ ಎಂದು ಅನೇಕರು ಅಂದುಕೊಳ್ಳುತ್ತಾರೆ. ಆದರೆ ಈ ರೀತಿ ಕಂಡು ಬರುವ ಸ್ನಾಯು ನೋವು ಯಾವುದೇ ವಿಟಮಿನ್ ಕೊರತೆ ಅಥವಾ ಮೂಳೆಗೆ ಸಂಬಂಧ ಪಟ್ಟ ಕಾರಣವೇ ಆಗಿರುವುದಿಲ್ಲ. ಈ ರೀತಿಯ ಸ್ನಾಯು ನೋವಿಗೆ ಹಲವು ಕಾರಣಗಳಿರುತ್ತವೆ ಎಂದು ಆರೋಗ್ಯ ತಜ್ಞರು ಹೇಳುತ್ತಾರೆ. ಹಾಗಾಗಿ ಕೆಲವು ಪರೀಕ್ಷೆಗಳನ್ನು ಮಾಡಿದ ನಂತರವೂ ಕೂಡ ಈ ರೀತಿ ಸಮಸ್ಯೆ ಮುಂದುವರಿದರೆ ಅದಕ್ಕೆ ಕಾರಣಗಳು ಮತ್ತು ತಡೆಗಟ್ಟುವ ವಿಧಾನಗಳ ಬಗ್ಗೆ ತಿಳಿದುಕೊಳ್ಳಬೇಕಾಗುತ್ತದೆ. ಈ ಬಗ್ಗೆ ಸಂಪೂರ್ಣ ಮಾಹಿತಿ ಇಲ್ಲಿದೆ.

ಈ ರೀತಿಯ ಸ್ನಾಯು ನೋವಿಗೆ ಹಲವು ಕಾರಣಗಳಿರುತ್ತವೆ. ಅವುಗಳಲ್ಲಿ ಒಂದು ಪ್ರಮುಖ ಕಾರಣವೆಂದರೆ ಒಂದೇ ಜಾಗದಲ್ಲಿ ಗಂಟೆಗಟ್ಟಲೆ ಕುಳಿತು ಕೆಲಸ ಮಾಡುವುದು. ಈ ರೀತಿ ಕುಳಿತುಕೊಳ್ಳುವ ಭಂಗಿ ಸರಿಯಾಗಿ ಇಲ್ಲದಿರುವುದು ಸ್ನಾಯು ನೋವಿಗೆ ಕಾರಣವಾಗುತ್ತದೆ. ಲ್ಯಾಪ್‌ಟಾಪ್ ಅಥವಾ ಫೋನ್‌ಗಳಲ್ಲಿ ಕೆಲಸ ಮಾಡುವಾಗ ನಿರಂತರವಾಗಿ ಕುತ್ತಿಗೆ ಬಾಗಿರುವುದು ಬೆನ್ನಿನ ಮೇಲೆ ಒತ್ತಡ ಬೀಳುತ್ತದೆ. ಇದು ಸಹ ನೋವಿಗೆ ಕಾರಣವಾಗುತ್ತದೆ. ಜೊತೆಗೆ ವಿಟಮಿನ್‌ಗಳು ಡಿ ಮತ್ತು ಕ್ಯಾಲ್ಸಿಯಂ ಸಮಸ್ಯೆಗಳು ಮಾತ್ರವಲ್ಲದೆ ಸಹ, ಈ ನೋವು ಕಡಿಮೆಯಾಗದೇ ಉಳಿಯುತ್ತದೆ.

▶ ಮಾನಸಿಕ ಒತ್ತಡವೂ ಒಂದು ಕಾರಣವಾಗಿರಬಹುದು:

ಕೆಲವೊಮ್ಮೆ ಮಾನಸಿಕ ಒತ್ತಡ ನೇರವಾಗಿ ಅಲ್ಲದಿದ್ದರೂ ಸ್ನಾಯು ನೋವಿಗೆ ಕಾರಣವಾಗಬಹುದು. ಮಾನಸಿಕ ಒತ್ತಡವು ಹಾರ್ಮೋನ್ ಸಮತೋಲನವನ್ನು ಅಡ್ಡಿಪಡಿಸುತ್ತದೆ, ಇದು ಸ್ನಾಯುಗಳನ್ನು ನಿರಂತರವಾಗಿ ಬಿಗಿಯಾಗಿರಿಸುವುದರಿಂದ ನೋವು ಉಂಟಾಗುತ್ತದೆ. ಇನ್ನು ಮಾನಸಿಕ ಒತ್ತಡದ ಜೊತೆಗೆ, ನಿದ್ರೆ ಸರಿಯಾಗಿ ಆಗದಿದ್ದರೆ ಅದು ಕೂಡ ನೋವನ್ನು ಉಂಟುಮಾಡುತ್ತದೆ.

▶ ನಿರ್ಜಲೀಕರಣ:

ವಿಟಮಿನ್ ಕೊರತೆ ಇಲ್ಲದಿದ್ದರೂ, ದೇಹದಲ್ಲಿ ನೀರಿನ ಕೊರತೆಯಿಂದಾಗಿ ಸ್ನಾಯು ನೋವು ಉಂಟಾಗಬಹುದು. ನೀರಿನ ಕೊರತೆಯು ದೇಹದಲ್ಲಿ ಎಲೆಕ್ಟ್ರೋಲೈಟ್‌ಗಳನ್ನು ಕಡಿಮೆ ಮಾಡುತ್ತದೆ. ಅದರಲ್ಲಿಯೂ ಅತಿಯಾಗಿ ಬೆವರುವವರು, ಕ್ರೀಡಾಪಟುಗಳು ಸ್ನಾಯು ಸೆಳೆತದ ಸಮಸ್ಯೆಗಳನ್ನು ಹೆಚ್ಚಾಗಿ ಎದುರಿಸುತ್ತಾರೆ. ಅಂತಹವರು ಕ್ಯಾಲ್ಸಿಯಂ, ವಿಟಮಿನ್ ಅಥವಾ ಪ್ರೋಟೀನ್ ಸೇವನೆಯನ್ನು ಸರಿಯಾಗಿ ಮಾಡುತ್ತಿದ್ದರೂ ಕೂಡ ನಿರ್ಜಲೀಕರಣದಿಂದ ಸ್ನಾಯು ನೋವು ಉಂಟಾಗುತ್ತದೆ.

▶ ಸ್ನಾಯು ನೋವನ್ನು ತಡೆಗಟ್ಟುವ ಸಲಹೆಗಳು:
• ಸರಿಯಾದ ಭಂಗಿಯಲ್ಲಿ ಕುಳಿತುಕೊಳ್ಳಿ ಒಂದು ಗಂಟೆಗಿಂತ ಹೆಚ್ಚು ಕಾಲ ಒಂದೇ ಕಡೆಯಲ್ಲಿ ಕುಳಿತುಕೊಳ್ಳುವುದನ್ನು ತಪ್ಪಿಸಿ.
• ಪ್ರತಿನಿತ್ಯ ಲಘು ವ್ಯಾಯಾಮ ಮಾಡುವುದನ್ನು ಮರೆಯಬೇಡಿ.
• ಹಗಲಿನಲ್ಲಿ ಕನಿಷ್ಠ 7 ರಿಂದ 8 ಗ್ಲಾಸ್ ನೀರು ಕುಡಿಯಿರಿ.
• 7 ರಿಂದ 8 ಗಂಟೆ ಸರಿಯಾಗಿ ನಿದ್ರೆ ಮಾಡಿ.
